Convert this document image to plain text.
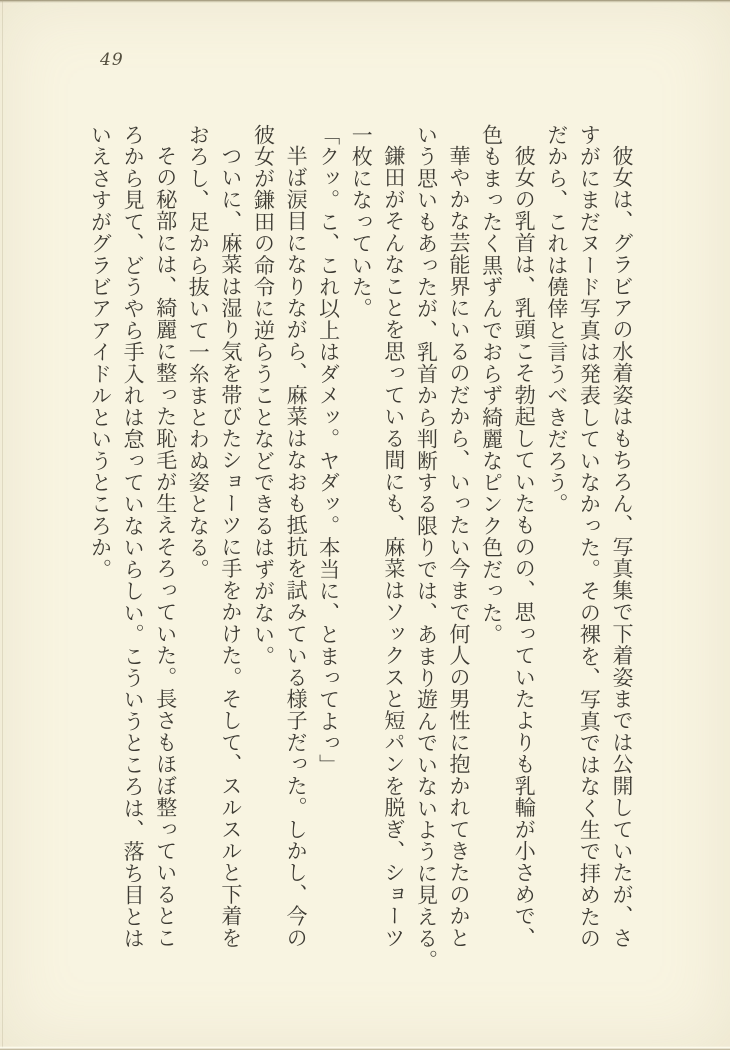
49

彼女は、グラビアの水着姿はもちろん、写真集で下着姿までは公開していたが、さ
すがにまだヌード写真は発表していなかった。その裸を、写真ではなく生で拝めたの
だから、これは僥倖と言うべきだろう。

彼女の乳首は、乳頭こそ勃起していたものの、思っていたよりも乳輪が小さめで、
色もまったく黒ずんでおらず綺麗なピンク色だった。

華やかな芸能界にいるのだから、いったい今まで何人の男性に抱かれてきたのかと
いう思いもあったが、乳首から判断する限りでは、あまり遊んでいないように見える。

鎌田がそんなことを思っている間にも、麻菜はソックスと短パンを脱ぎ、ショーツ
一枚になっていた。

「クッ。こ、これ以上はダメッ。ヤダッ。本当に、とまってよっ」

半ば涙目になりながら、麻菜はなおも抵抗を試みている様子だった。しかし、今の
彼女が鎌田の命令に逆らうことなどできるはずがない。

ついに、麻菜は湿り気を帯びたショーツに手をかけた。そして、スルスルと下着を
おろし、足から抜いて一糸まとわぬ姿となる。

その秘部には、綺麗に整った恥毛が生えそろっていた。長さもほぼ整っているとこ
ろから見て、どうやら手入れは怠っていないらしい。こういうところは、落ち目とは
いえさすがグラビアアイドルというところか。
